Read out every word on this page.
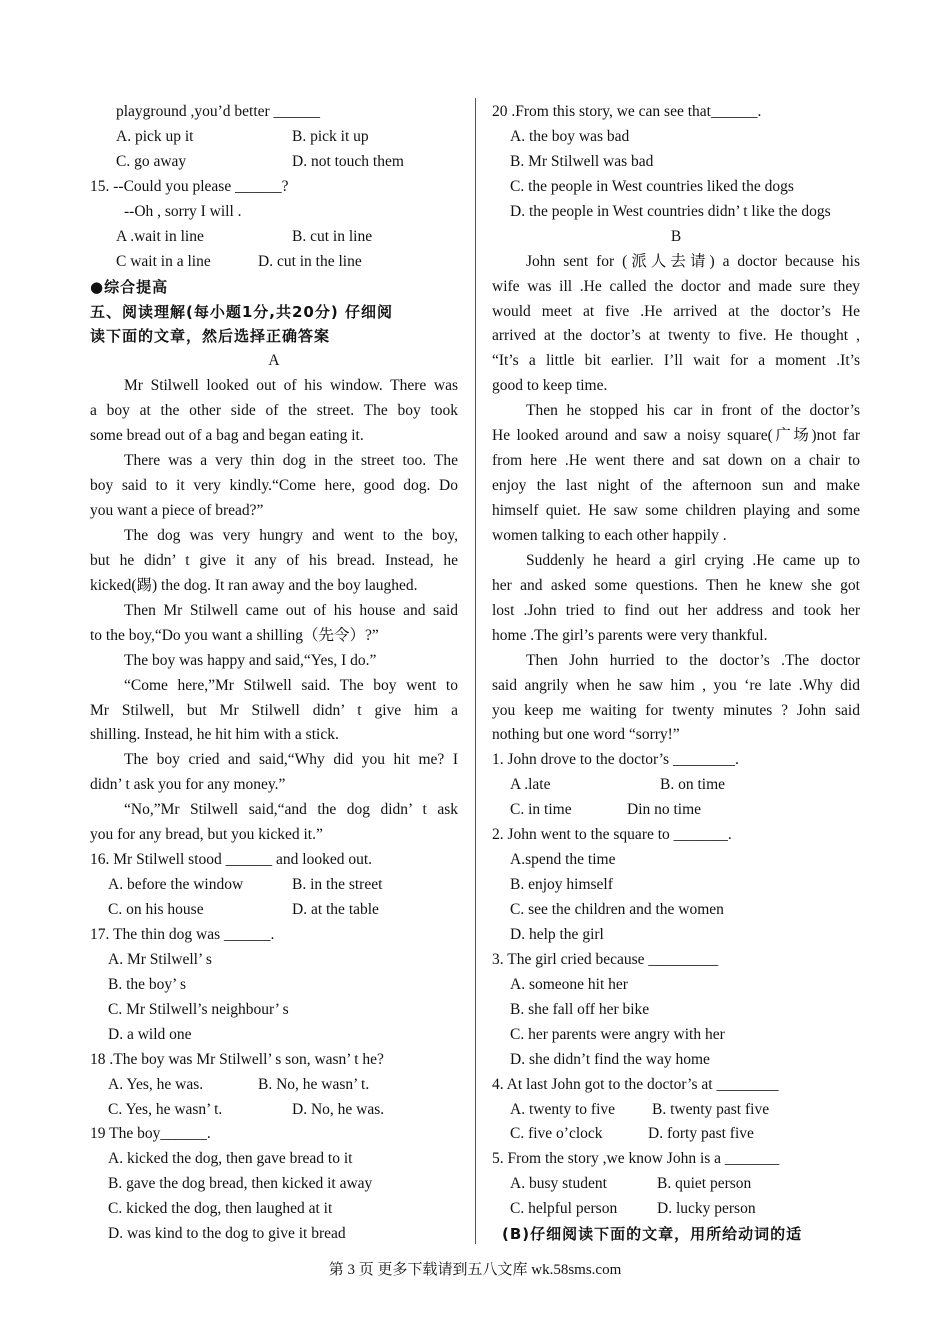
playground ,you’d better ______
A. pick up it	B. pick it up
C. go away	D. not touch them
15. --Could you please ______?
--Oh , sorry I will .
A .wait in line	B. cut in line
C wait in a line	D. cut in the line
●综合提高
五、阅读理解(每小题1分,共20分) 仔细阅
读下面的文章，然后选择正确答案
A
Mr Stilwell looked out of his window. There was
a boy at the other side of the street. The boy took
some bread out of a bag and began eating it.
There was a very thin dog in the street too. The
boy said to it very kindly.“Come here, good dog. Do
you want a piece of bread?”
The dog was very hungry and went to the boy,
but he didn’ t give it any of his bread. Instead, he
kicked(踢) the dog. It ran away and the boy laughed.
Then Mr Stilwell came out of his house and said
to the boy,“Do you want a shilling（先令）?”
The boy was happy and said,“Yes, I do.”
“Come here,”Mr Stilwell said. The boy went to
Mr Stilwell, but Mr Stilwell didn’ t give him a
shilling. Instead, he hit him with a stick.
The boy cried and said,“Why did you hit me? I
didn’ t ask you for any money.”
“No,”Mr Stilwell said,“and the dog didn’ t ask
you for any bread, but you kicked it.”
16. Mr Stilwell stood ______ and looked out.
A. before the window	B. in the street
C. on his house	D. at the table
17. The thin dog was ______.
A. Mr Stilwell’ s
B. the boy’ s
C. Mr Stilwell’s neighbour’ s
D. a wild one
18 .The boy was Mr Stilwell’ s son, wasn’ t he?
A. Yes, he was.	B. No, he wasn’ t.
C. Yes, he wasn’ t.	D. No, he was.
19 The boy______.
A. kicked the dog, then gave bread to it
B. gave the dog bread, then kicked it away
C. kicked the dog, then laughed at it
D. was kind to the dog to give it bread
20 .From this story, we can see that______.
A. the boy was bad
B. Mr Stilwell was bad
C. the people in West countries liked the dogs
D. the people in West countries didn’ t like the dogs
B
John sent for (派人去请) a doctor because his
wife was ill .He called the doctor and made sure they
would meet at five .He arrived at the doctor’s He
arrived at the doctor’s at twenty to five. He thought ,
“It’s a little bit earlier. I’ll wait for a moment .It’s
good to keep time.
Then he stopped his car in front of the doctor’s
He looked around and saw a noisy square(广场)not far
from here .He went there and sat down on a chair to
enjoy the last night of the afternoon sun and make
himself quiet. He saw some children playing and some
women talking to each other happily .
Suddenly he heard a girl crying .He came up to
her and asked some questions. Then he knew she got
lost .John tried to find out her address and took her
home .The girl’s parents were very thankful.
Then John hurried to the doctor’s .The doctor
said angrily when he saw him , you ‘re late .Why did
you keep me waiting for twenty minutes ? John said
nothing but one word “sorry!”
1. John drove to the doctor’s ________.
A .late	B. on time
C. in time	Din no time
2. John went to the square to _______.
A.spend the time
B. enjoy himself
C. see the children and the women
D. help the girl
3. The girl cried because _________
A. someone hit her
B. she fall off her bike
C. her parents were angry with her
D. she didn’t find the way home
4. At last John got to the doctor’s at ________
A. twenty to five	B. twenty past five
C. five o’clock	D. forty past five
5. From the story ,we know John is a _______
A. busy student	B. quiet person
C. helpful person	D. lucky person
(B)仔细阅读下面的文章，用所给动词的适
第 3 页 更多下载请到五八文库 wk.58sms.com
